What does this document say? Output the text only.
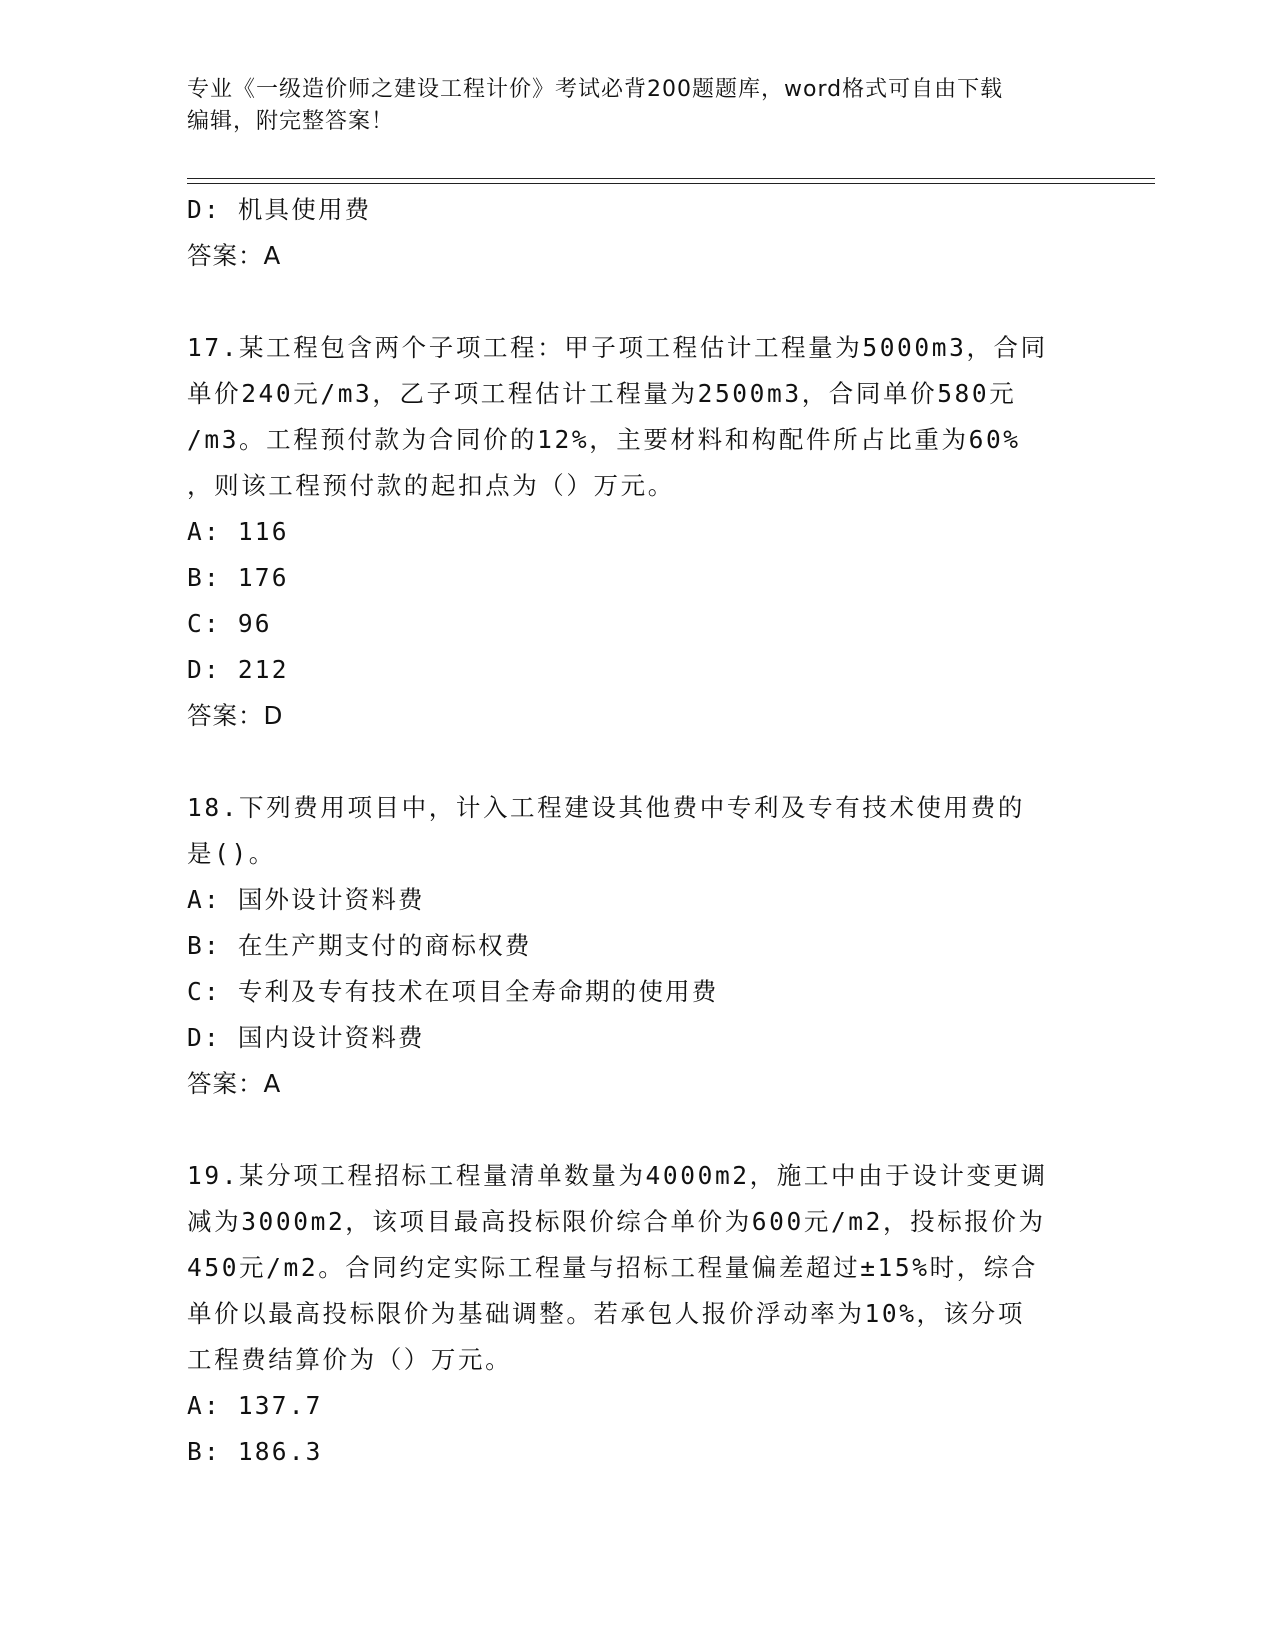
专业《一级造价师之建设工程计价》考试必背200题题库，word格式可自由下载
编辑，附完整答案！
D: 机具使用费
答案：A
17.某工程包含两个子项工程：甲子项工程估计工程量为5000m3，合同
单价240元/m3，乙子项工程估计工程量为2500m3，合同单价580元
/m3。工程预付款为合同价的12%，主要材料和构配件所占比重为60%
，则该工程预付款的起扣点为（）万元。
A: 116
B: 176
C: 96
D: 212
答案：D
18.下列费用项目中，计入工程建设其他费中专利及专有技术使用费的
是()。
A: 国外设计资料费
B: 在生产期支付的商标权费
C: 专利及专有技术在项目全寿命期的使用费
D: 国内设计资料费
答案：A
19.某分项工程招标工程量清单数量为4000m2，施工中由于设计变更调
减为3000m2，该项目最高投标限价综合单价为600元/m2，投标报价为
450元/m2。合同约定实际工程量与招标工程量偏差超过±15%时，综合
单价以最高投标限价为基础调整。若承包人报价浮动率为10%，该分项
工程费结算价为（）万元。
A: 137.7
B: 186.3
